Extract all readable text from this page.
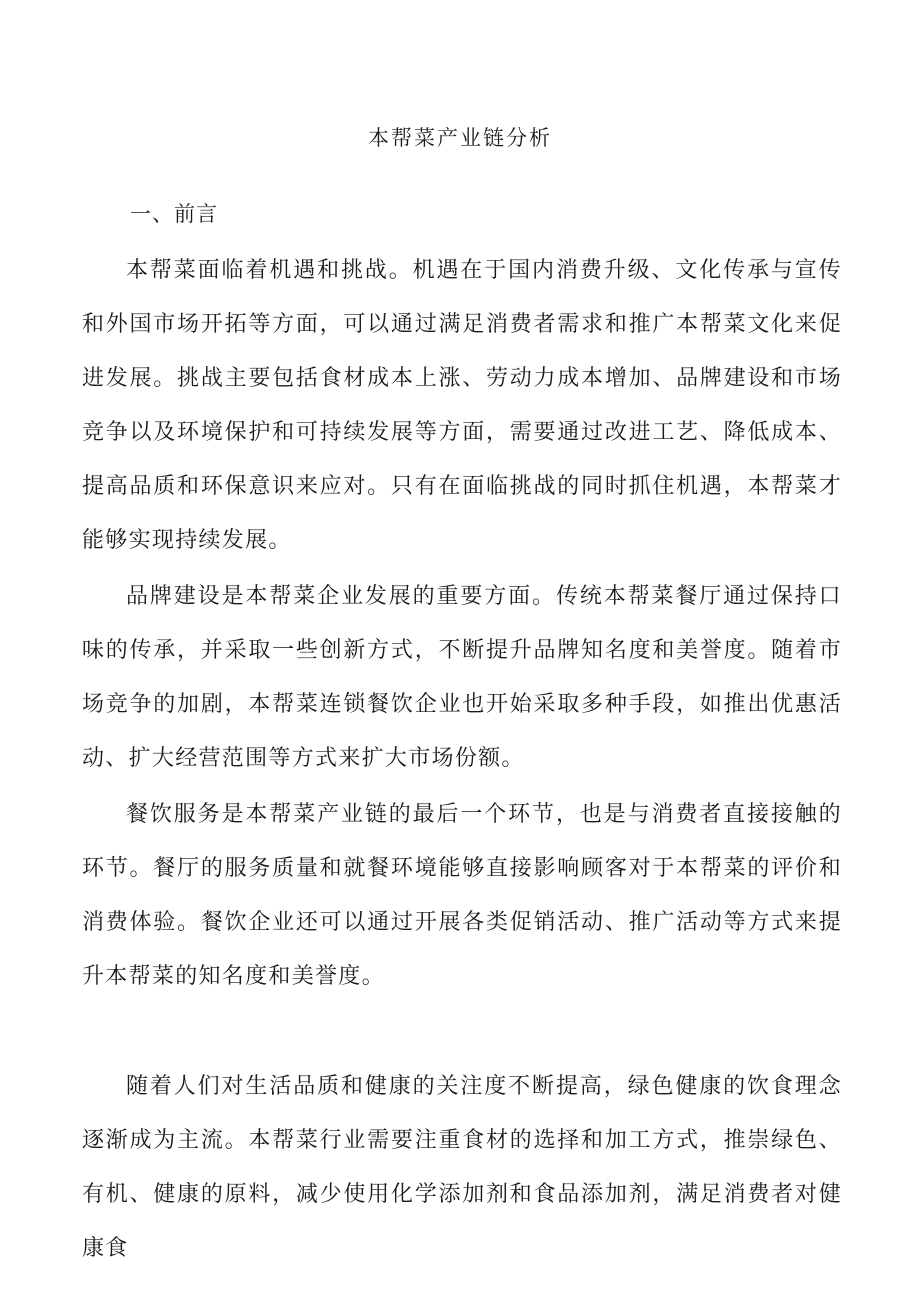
本帮菜产业链分析
一、前言

本帮菜面临着机遇和挑战。机遇在于国内消费升级、文化传承与宣传和外国市场开拓等方面，可以通过满足消费者需求和推广本帮菜文化来促进发展。挑战主要包括食材成本上涨、劳动力成本增加、品牌建设和市场竞争以及环境保护和可持续发展等方面，需要通过改进工艺、降低成本、提高品质和环保意识来应对。只有在面临挑战的同时抓住机遇，本帮菜才能够实现持续发展。

品牌建设是本帮菜企业发展的重要方面。传统本帮菜餐厅通过保持口味的传承，并采取一些创新方式，不断提升品牌知名度和美誉度。随着市场竞争的加剧，本帮菜连锁餐饮企业也开始采取多种手段，如推出优惠活动、扩大经营范围等方式来扩大市场份额。

餐饮服务是本帮菜产业链的最后一个环节，也是与消费者直接接触的环节。餐厅的服务质量和就餐环境能够直接影响顾客对于本帮菜的评价和消费体验。餐饮企业还可以通过开展各类促销活动、推广活动等方式来提升本帮菜的知名度和美誉度。

随着人们对生活品质和健康的关注度不断提高，绿色健康的饮食理念逐渐成为主流。本帮菜行业需要注重食材的选择和加工方式，推崇绿色、有机、健康的原料，减少使用化学添加剂和食品添加剂，满足消费者对健康食
